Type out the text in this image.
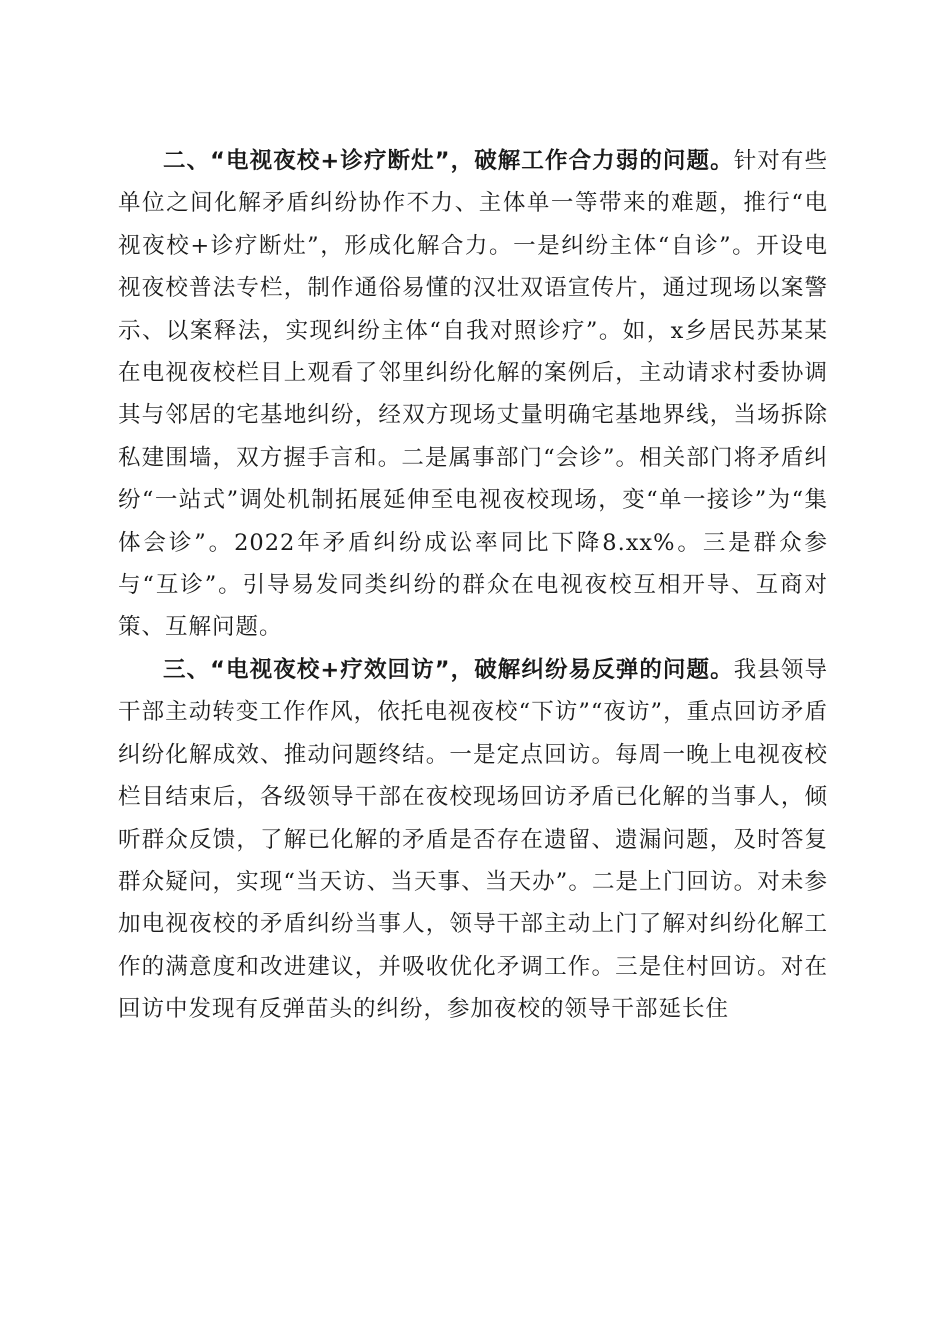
二、“电视夜校+诊疗断灶”，破解工作合力弱的问题。针对有些单位之间化解矛盾纠纷协作不力、主体单一等带来的难题，推行“电视夜校+诊疗断灶”，形成化解合力。一是纠纷主体“自诊”。开设电视夜校普法专栏，制作通俗易懂的汉壮双语宣传片，通过现场以案警示、以案释法，实现纠纷主体“自我对照诊疗”。如，x乡居民苏某某在电视夜校栏目上观看了邻里纠纷化解的案例后，主动请求村委协调其与邻居的宅基地纠纷，经双方现场丈量明确宅基地界线，当场拆除私建围墙，双方握手言和。二是属事部门“会诊”。相关部门将矛盾纠纷“一站式”调处机制拓展延伸至电视夜校现场，变“单一接诊”为“集体会诊”。2022年矛盾纠纷成讼率同比下降8.xx%。三是群众参与“互诊”。引导易发同类纠纷的群众在电视夜校互相开导、互商对策、互解问题。

三、“电视夜校+疗效回访”，破解纠纷易反弹的问题。我县领导干部主动转变工作作风，依托电视夜校“下访”“夜访”，重点回访矛盾纠纷化解成效、推动问题终结。一是定点回访。每周一晚上电视夜校栏目结束后，各级领导干部在夜校现场回访矛盾已化解的当事人，倾听群众反馈，了解已化解的矛盾是否存在遗留、遗漏问题，及时答复群众疑问，实现“当天访、当天事、当天办”。二是上门回访。对未参加电视夜校的矛盾纠纷当事人，领导干部主动上门了解对纠纷化解工作的满意度和改进建议，并吸收优化矛调工作。三是住村回访。对在回访中发现有反弹苗头的纠纷，参加夜校的领导干部延长住
